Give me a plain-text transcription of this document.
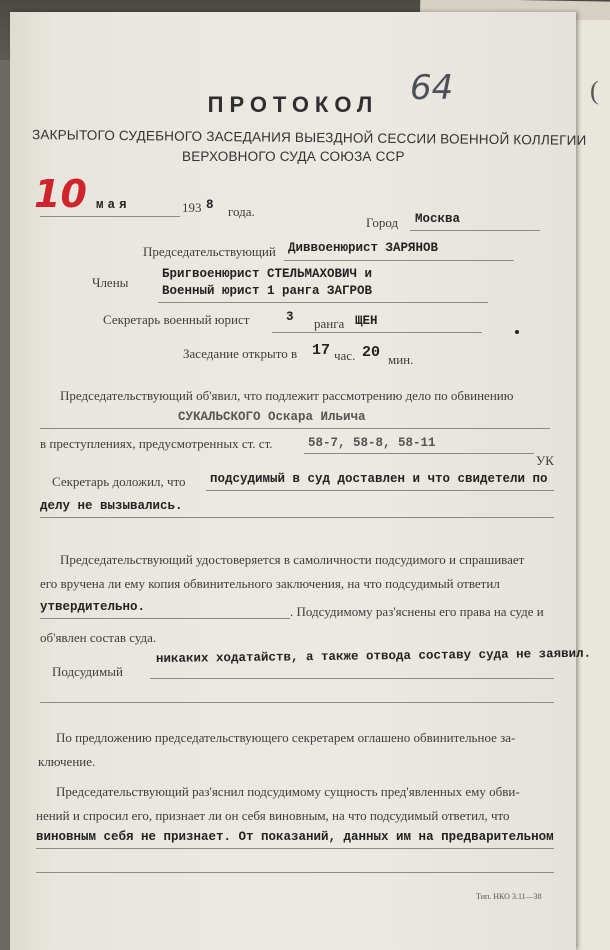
(
ПРОТОКОЛ 64
ЗАКРЫТОГО СУДЕБНОГО ЗАСЕДАНИЯ ВЫЕЗДНОЙ СЕССИИ ВОЕННОЙ КОЛЛЕГИИ
ВЕРХОВНОГО СУДА СОЮЗА ССР
10 мая	193 8 года.
Город Москва
Председательствующий Диввоенюрист ЗАРЯНОВ
Члены
Бригвоенюрист СТЕЛЬМАХОВИЧ и
Военный юрист 1 ранга ЗАГРОВ
Секретарь военный юрист	3 ранга ЩЕН
Заседание открыто в 17 час. 20 мин.
Председательствующий об'явил, что подлежит рассмотрению дело по обвинению
СУКАЛЬСКОГО Оскара Ильича
в преступлениях, предусмотренных ст. ст.	58-7, 58-8, 58-11
УК
Секретарь доложил, что подсудимый в суд доставлен и что свидетели по
делу не вызывались.
Председательствующий удостоверяется в самоличности подсудимого и спрашивает
его вручена ли ему копия обвинительного заключения, на что подсудимый ответил
утвердительно.	. Подсудимому раз'яснены его права на суде и
об'явлен состав суда.
Подсудимый
никаких ходатайств, а также отвода составу суда не заявил.
По предложению председательствующего секретарем оглашено обвинительное за-
ключение.
Председательствующий раз'яснил подсудимому сущность пред'явленных ему обви-
нений и спросил его, признает ли он себя виновным, на что подсудимый ответил, что
виновным себя не признает. От показаний, данных им на предварительном
Тип. НКО 3.11—38
